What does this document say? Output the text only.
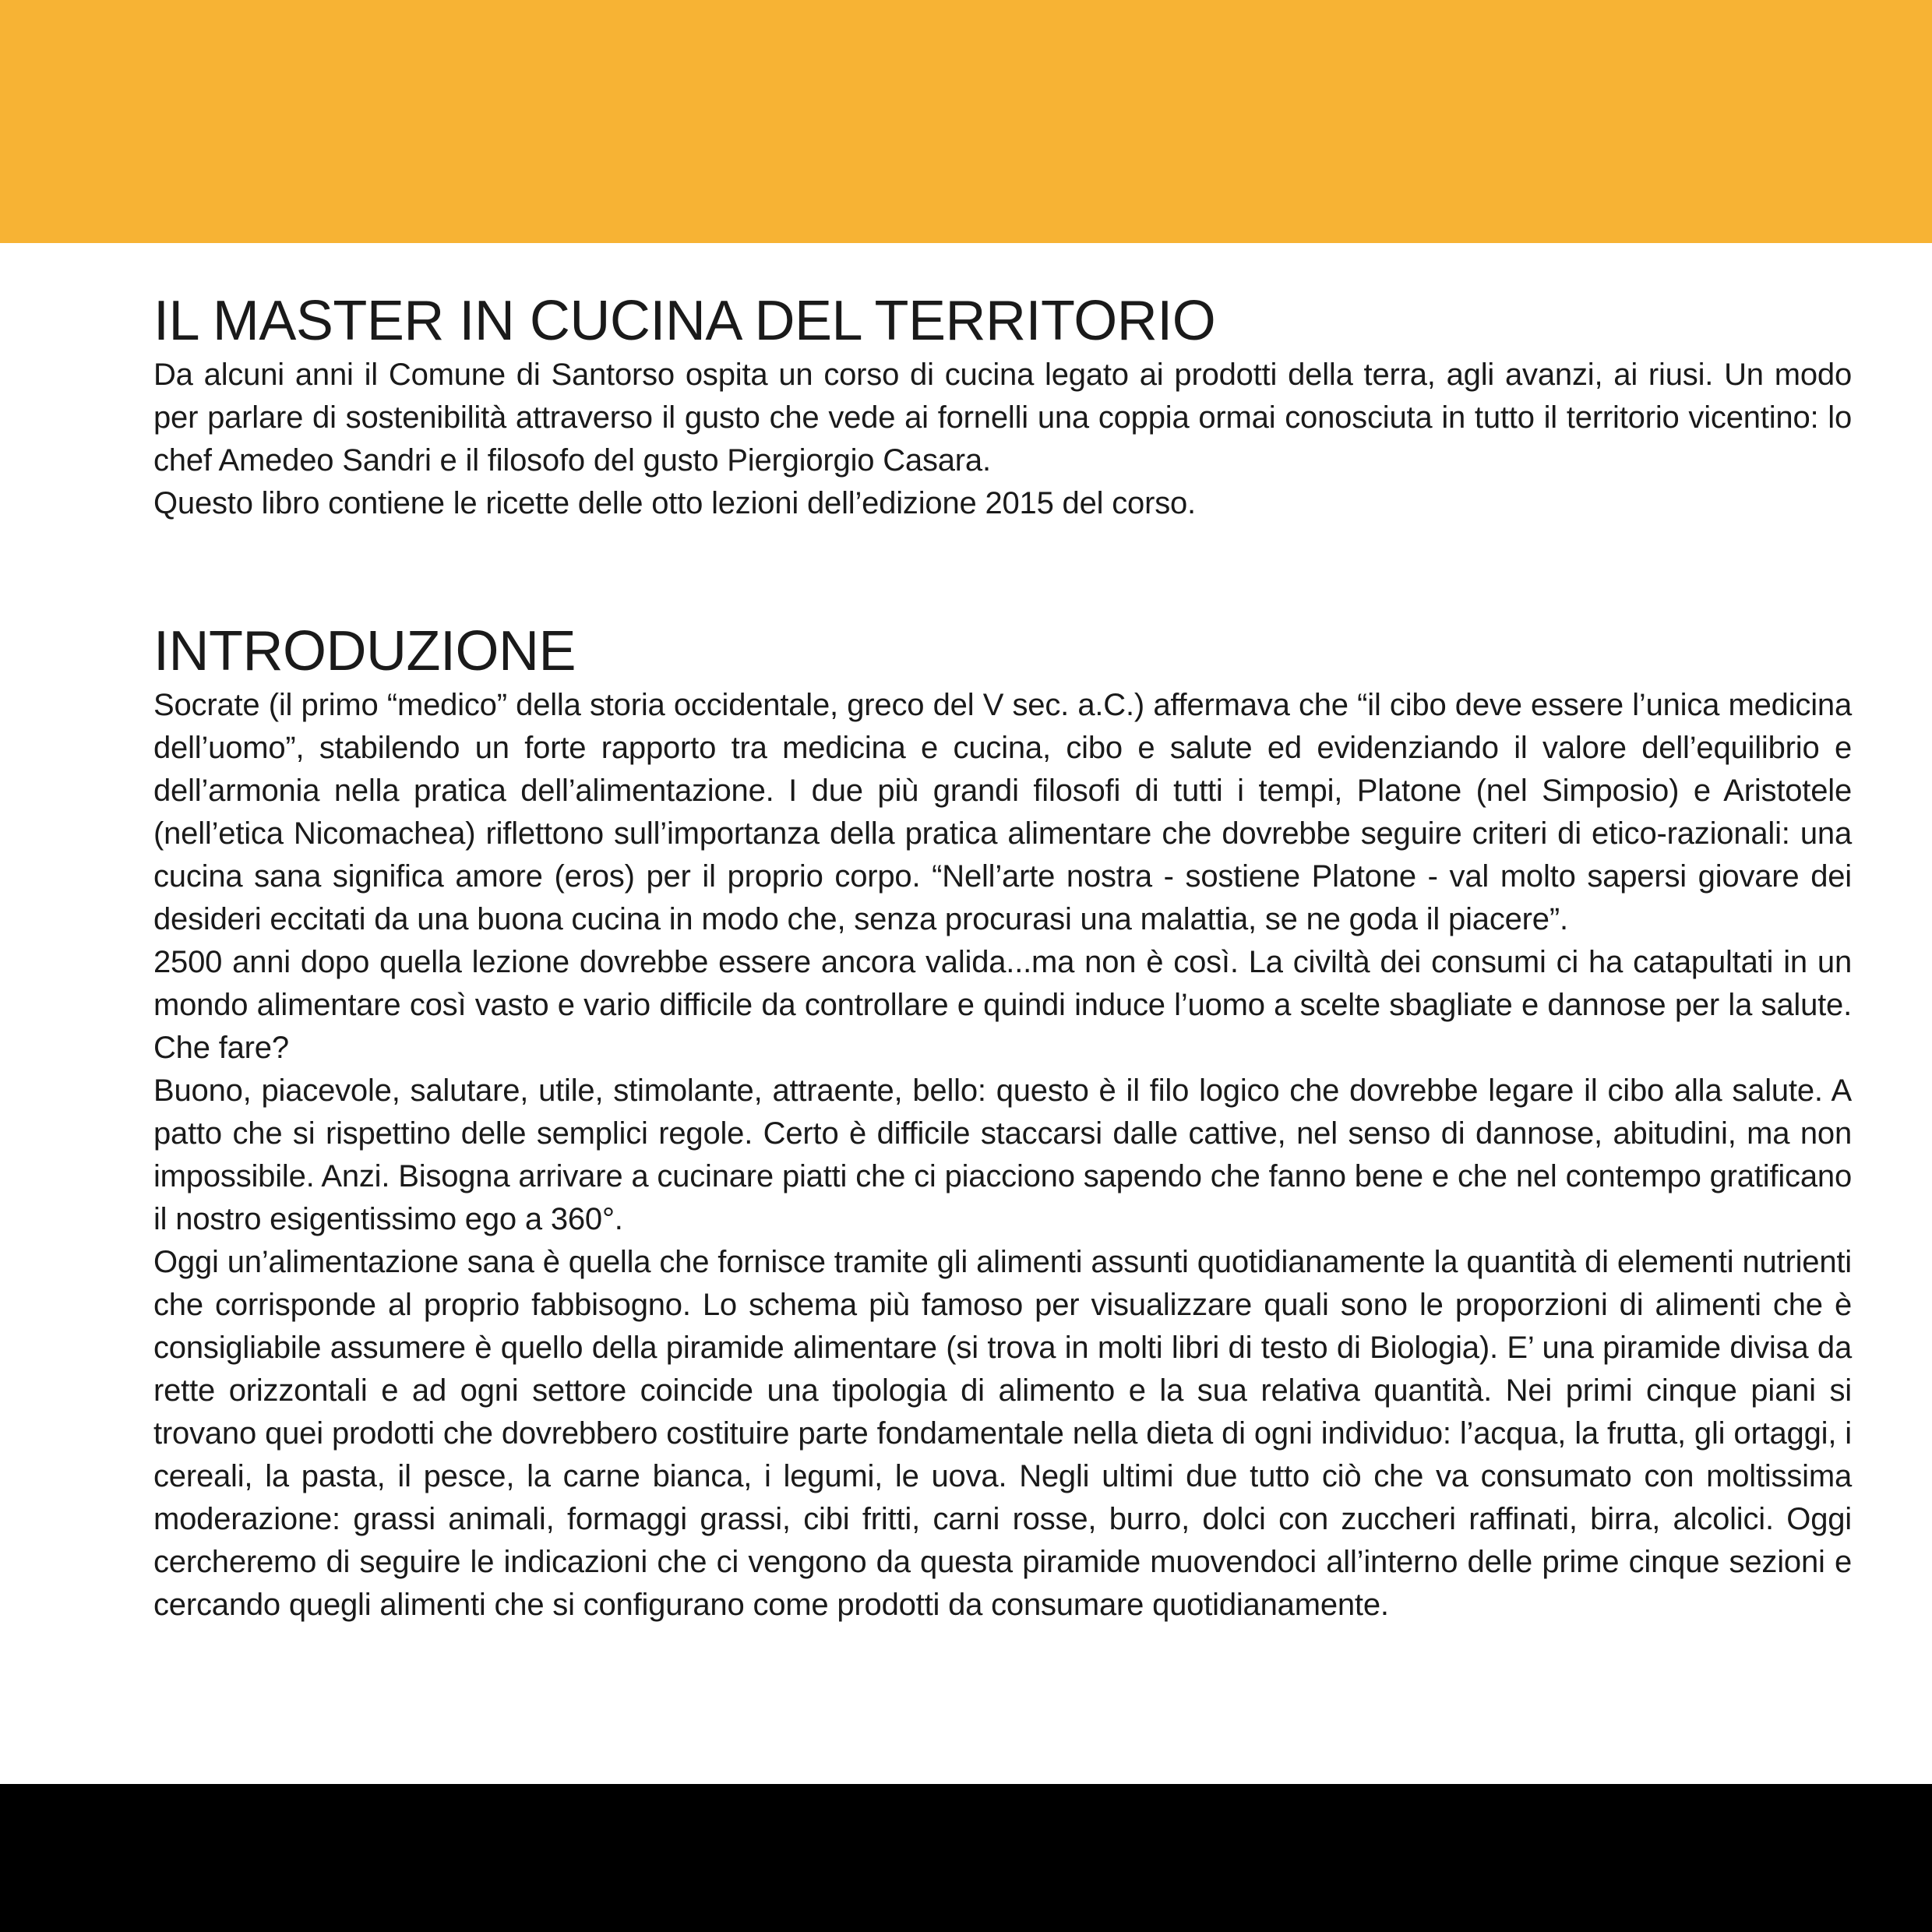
IL MASTER IN CUCINA DEL TERRITORIO

Da alcuni anni il Comune di Santorso ospita un corso di cucina legato ai prodotti della terra, agli avanzi, ai riusi. Un modo per parlare di sostenibilità attraverso il gusto che vede ai fornelli una coppia ormai conosciuta in tutto il territorio vicentino: lo chef Amedeo Sandri e il filosofo del gusto Piergiorgio Casara.

Questo libro contiene le ricette delle otto lezioni dell’edizione 2015 del corso.

INTRODUZIONE

Socrate (il primo “medico” della storia occidentale, greco del V sec. a.C.) affermava che “il cibo deve essere l’unica medicina dell’uomo”, stabilendo un forte rapporto tra medicina e cucina, cibo e salute ed evidenziando il valore dell’equilibrio e dell’armonia nella pratica dell’alimentazione. I due più grandi filosofi di tutti i tempi, Platone (nel Simposio) e Aristotele (nell’etica Nicomachea) riflettono sull’importanza della pratica alimentare che dovrebbe seguire criteri di etico-razionali: una cucina sana significa amore (eros) per il proprio corpo. “Nell’arte nostra - sostiene Platone - val molto sapersi giovare dei desideri eccitati da una buona cucina in modo che, senza procurasi una malattia, se ne goda il piacere”.

2500 anni dopo quella lezione dovrebbe essere ancora valida...ma non è così. La civiltà dei consumi ci ha catapultati in un mondo alimentare così vasto e vario difficile da controllare e quindi induce l’uomo a scelte sbagliate e dannose per la salute. Che fare?

Buono, piacevole, salutare, utile, stimolante, attraente, bello: questo è il filo logico che dovrebbe legare il cibo alla salute. A patto che si rispettino delle semplici regole. Certo è difficile staccarsi dalle cattive, nel senso di dannose, abitudini, ma non impossibile. Anzi. Bisogna arrivare a cucinare piatti che ci piacciono sapendo che fanno bene e che nel contempo gratificano il nostro esigentissimo ego a 360°.

Oggi un’alimentazione sana è quella che fornisce tramite gli alimenti assunti quotidianamente la quantità di elementi nutrienti che corrisponde al proprio fabbisogno. Lo schema più famoso per visualizzare quali sono le proporzioni di alimenti che è consigliabile assumere è quello della piramide alimentare (si trova in molti libri di testo di Biologia). E’ una piramide divisa da rette orizzontali e ad ogni settore coincide una tipologia di alimento e la sua relativa quantità. Nei primi cinque piani si trovano quei prodotti che dovrebbero costituire parte fondamentale nella dieta di ogni individuo: l’acqua, la frutta, gli ortaggi, i cereali, la pasta, il pesce, la carne bianca, i legumi, le uova. Negli ultimi due tutto ciò che va consumato con moltissima moderazione: grassi animali, formaggi grassi, cibi fritti, carni rosse, burro, dolci con zuccheri raffinati, birra, alcolici. Oggi cercheremo di seguire le indicazioni che ci vengono da questa piramide muovendoci all’interno delle prime cinque sezioni e cercando quegli alimenti che si configurano come prodotti da consumare quotidianamente.
